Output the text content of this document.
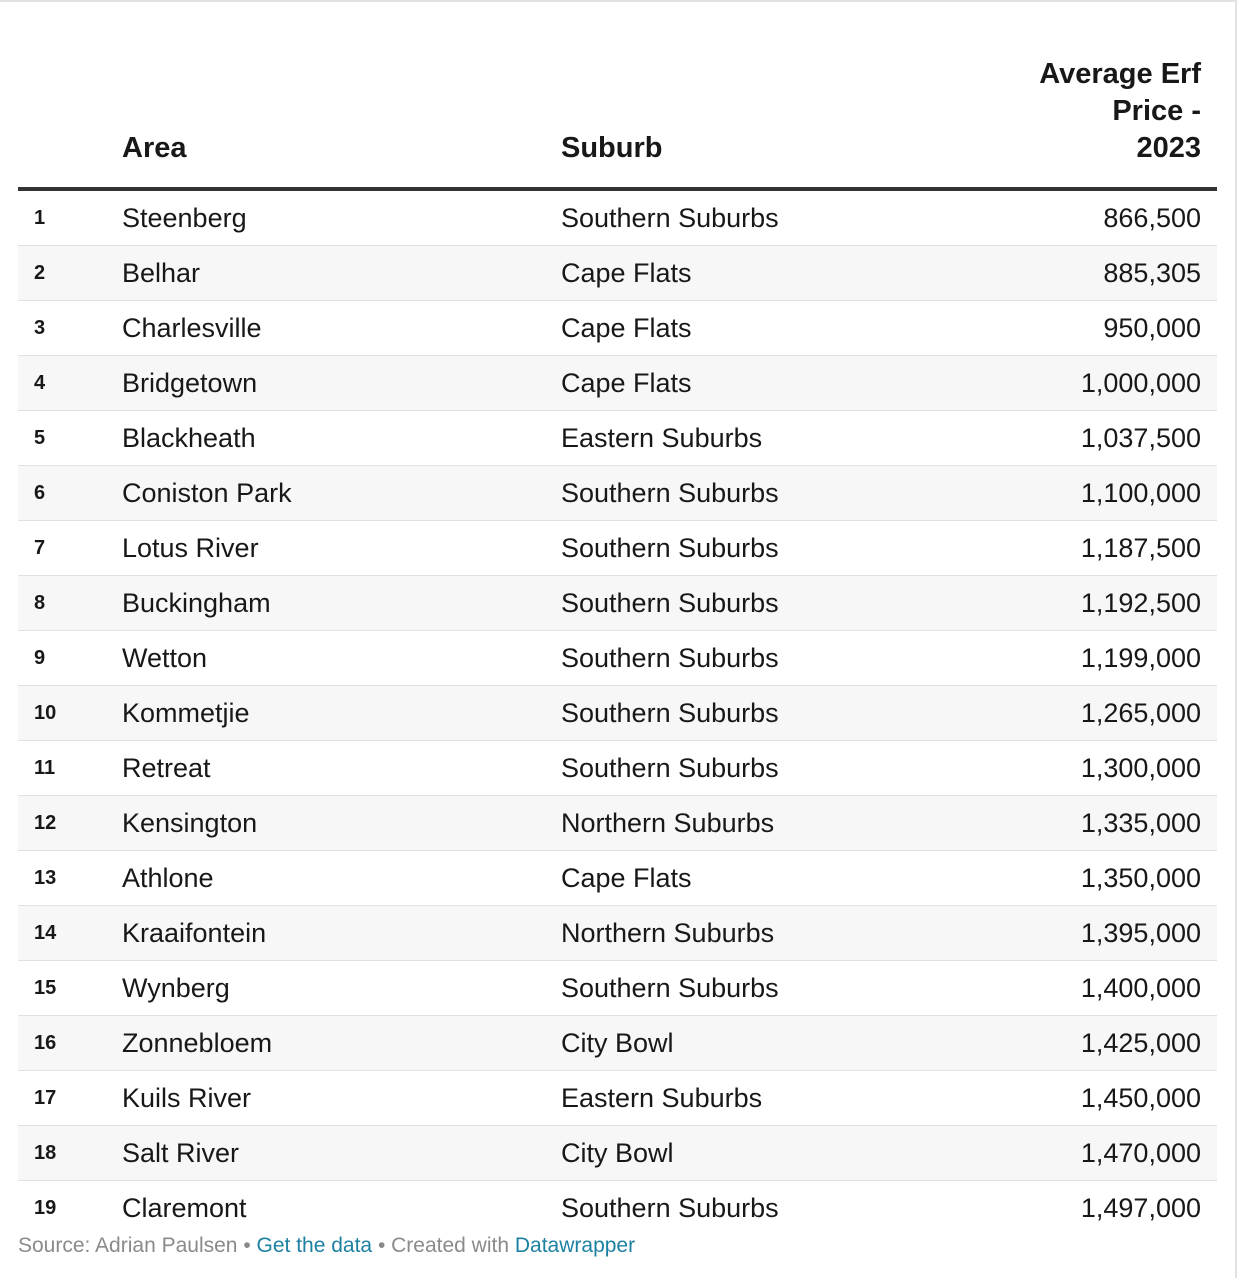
	Area	Suburb	Average Erf Price -
2023
1	Steenberg	Southern Suburbs	866,500
2	Belhar	Cape Flats	885,305
3	Charlesville	Cape Flats	950,000
4	Bridgetown	Cape Flats	1,000,000
5	Blackheath	Eastern Suburbs	1,037,500
6	Coniston Park	Southern Suburbs	1,100,000
7	Lotus River	Southern Suburbs	1,187,500
8	Buckingham	Southern Suburbs	1,192,500
9	Wetton	Southern Suburbs	1,199,000
10	Kommetjie	Southern Suburbs	1,265,000
11	Retreat	Southern Suburbs	1,300,000
12	Kensington	Northern Suburbs	1,335,000
13	Athlone	Cape Flats	1,350,000
14	Kraaifontein	Northern Suburbs	1,395,000
15	Wynberg	Southern Suburbs	1,400,000
16	Zonnebloem	City Bowl	1,425,000
17	Kuils River	Eastern Suburbs	1,450,000
18	Salt River	City Bowl	1,470,000
19	Claremont	Southern Suburbs	1,497,000
Source: Adrian Paulsen • Get the data • Created with Datawrapper
